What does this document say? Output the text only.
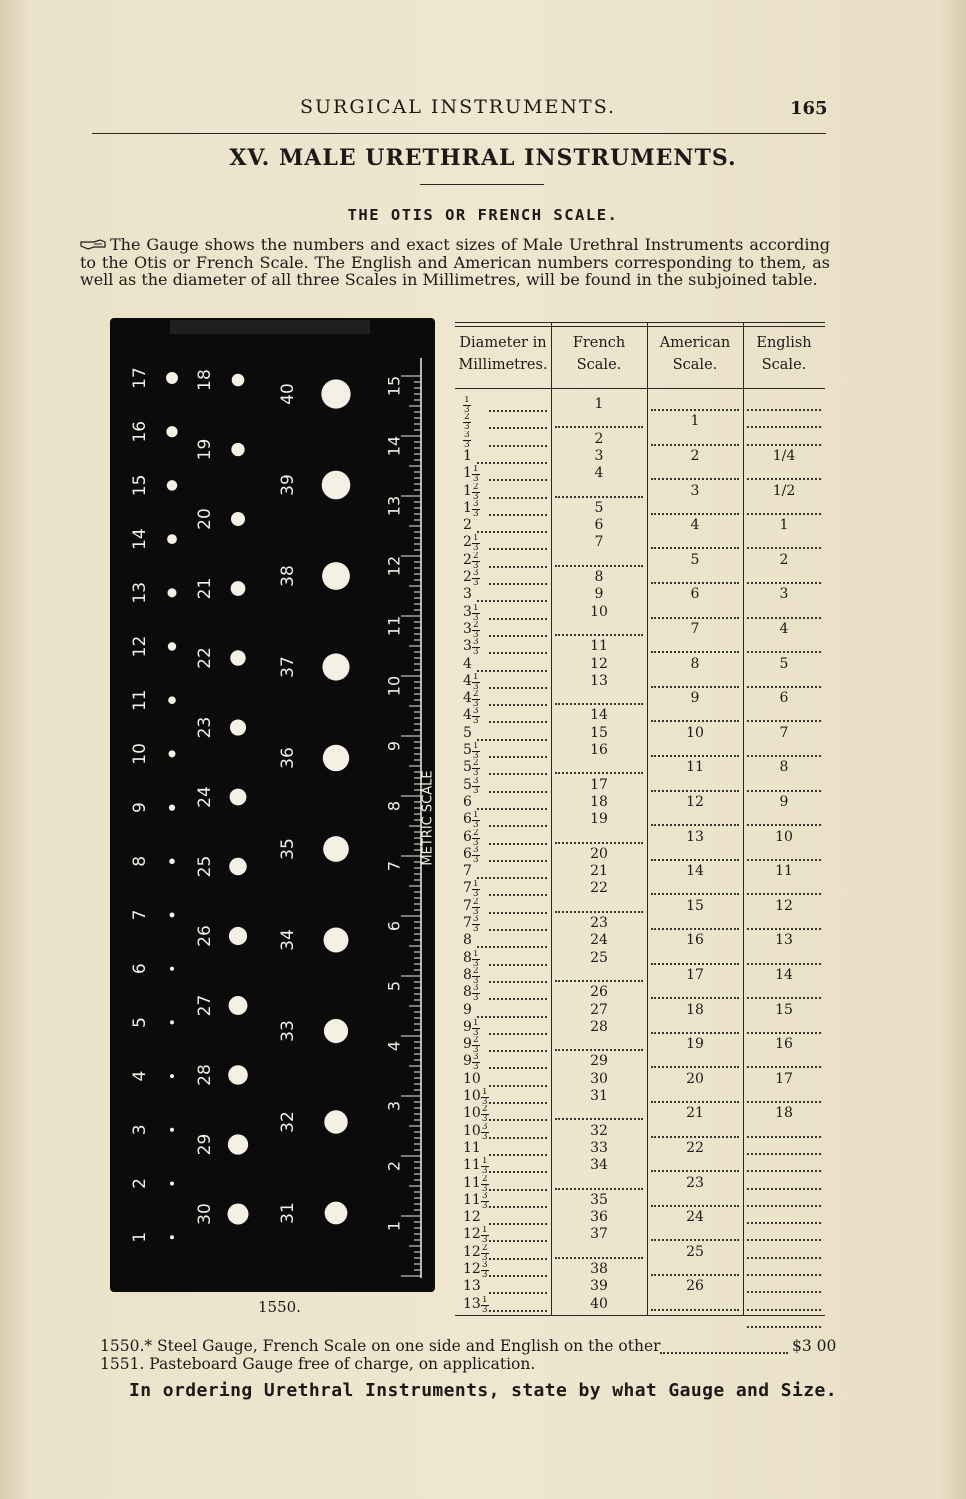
SURGICAL INSTRUMENTS.	165
XV. MALE URETHRAL INSTRUMENTS.
THE OTIS OR FRENCH SCALE.
The Gauge shows the numbers and exact sizes of Male Urethral Instruments according to the Otis or French Scale. The English and American numbers corresponding to them, as well as the diameter of all three Scales in Millimetres, will be found in the subjoined table.
17
16
15
14
13
12
11
10
9
8
7
6
5
4
3
2
1
18
19
20
21
22
23
24
25
26
27
28
29
30
40
39
38
37
36
35
34
33
32
31
15
14
13
12
11
10
9
8
7
6
5
4
3
2
1
METRIC SCALE
1550.
Diameter in
Millimetres.
French
Scale.
American
Scale.
English
Scale.
$\frac{1}{3}$
$\frac{2}{3}$
$\frac{3}{3}$
1
$1 \frac{1}{3}$
$1 \frac{2}{3}$
$1 \frac{3}{3}$
2
$2 \frac{1}{3}$
$2 \frac{2}{3}$
$2 \frac{3}{3}$
3
$3 \frac{1}{3}$
$3 \frac{2}{3}$
$3 \frac{3}{3}$
4
$4 \frac{1}{3}$
$4 \frac{2}{3}$
$4 \frac{3}{3}$
5
$5 \frac{1}{3}$
$5 \frac{2}{3}$
$5 \frac{3}{3}$
6
$6 \frac{1}{3}$
$6 \frac{2}{3}$
$6 \frac{3}{3}$
7
$7 \frac{1}{3}$
$7 \frac{2}{3}$
$7 \frac{3}{3}$
8
$8 \frac{1}{3}$
$8 \frac{2}{3}$
$8 \frac{3}{3}$
9
$9 \frac{1}{3}$
$9 \frac{2}{3}$
$9 \frac{3}{3}$
10
$10 \frac{1}{3}$
$10 \frac{2}{3}$
$10 \frac{3}{3}$
11
$11 \frac{1}{3}$
$11 \frac{2}{3}$
$11 \frac{3}{3}$
12
$12 \frac{1}{3}$
$12 \frac{2}{3}$
$12 \frac{3}{3}$
13
$13 \frac{1}{3}$
1
2
3
4
5
6
7
8
9
10
11
12
13
14
15
16
17
18
19
20
21
22
23
24
25
26
27
28
29
30
31
32
33
34
35
36
37
38
39
40
1
2
3
4
5
6
7
8
9
10
11
12
13
14
15
16
17
18
19
20
21
22
23
24
25
26
1/4
1/2
1
2
3
4
5
6
7
8
9
10
11
12
13
14
15
16
17
18
1550.* Steel Gauge, French Scale on one side and English on the other	$3 00
1551. Pasteboard Gauge free of charge, on application.
In ordering Urethral Instruments, state by what Gauge and Size.
